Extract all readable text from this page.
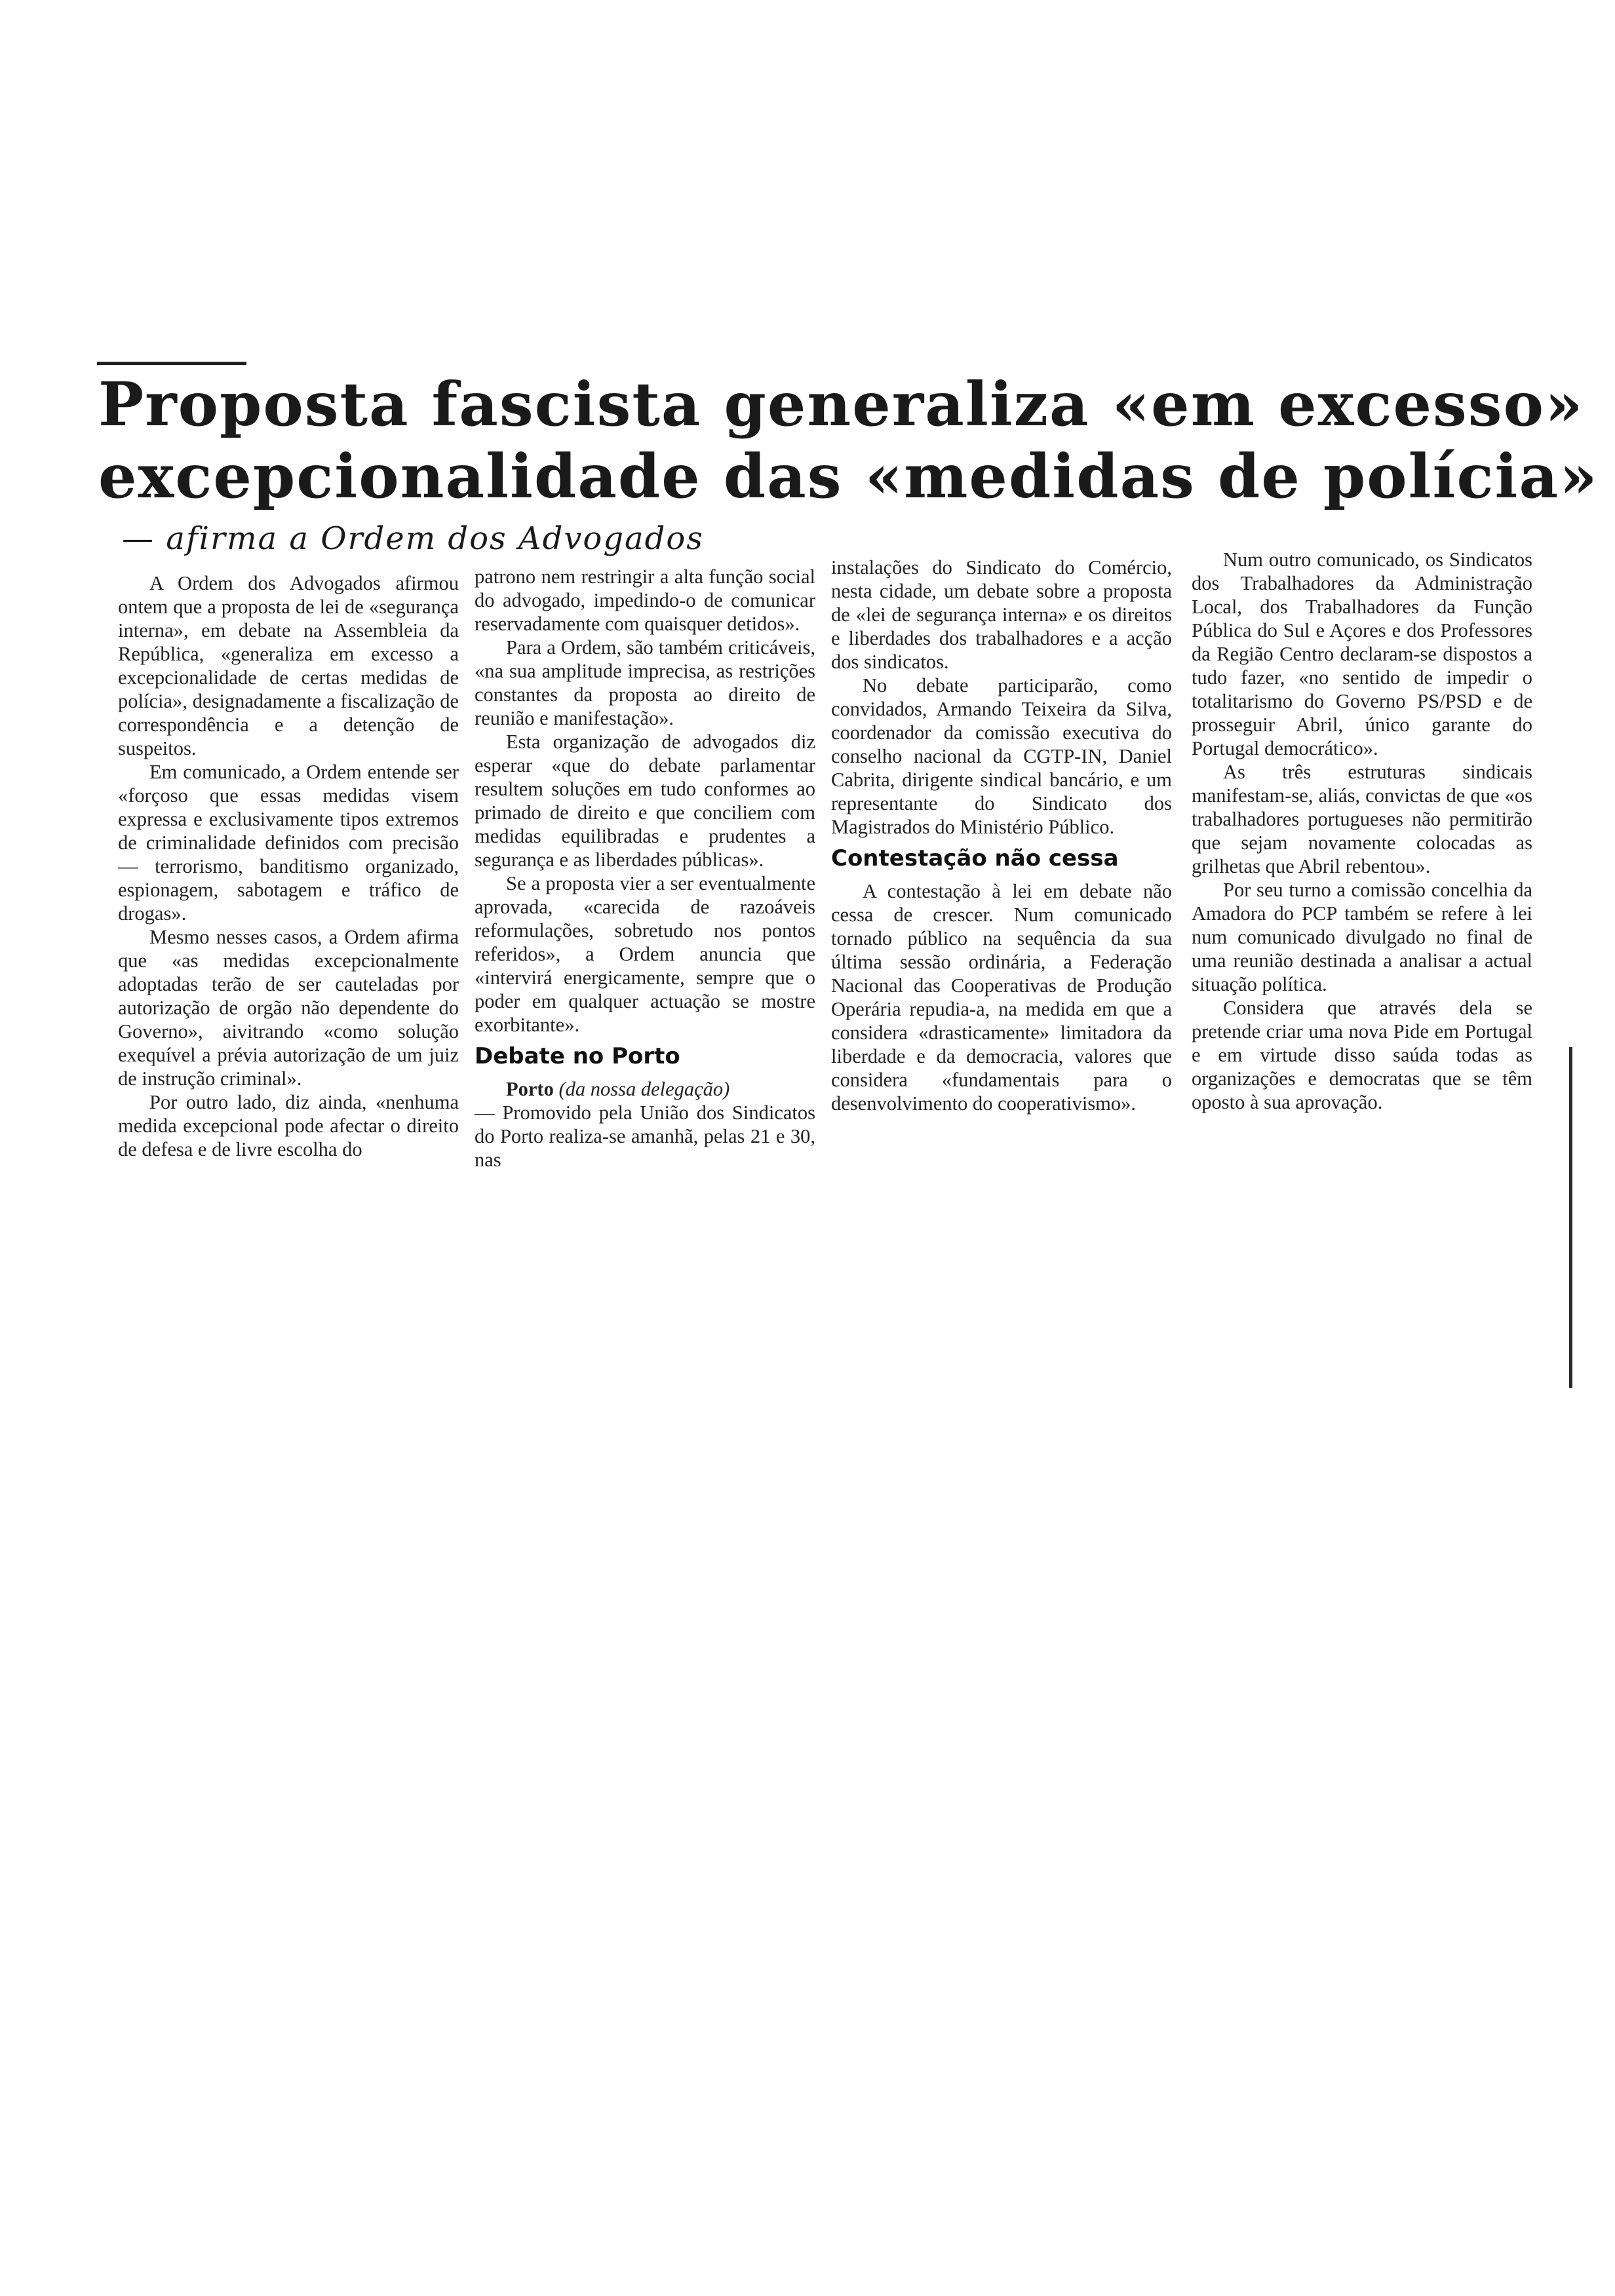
Proposta fascista generaliza «em excesso»
excepcionalidade das «medidas de polícia»

— afirma a Ordem dos Advogados

A Ordem dos Advogados afirmou ontem que a proposta de lei de «segurança interna», em debate na Assembleia da República, «generaliza em excesso a excepcionalidade de certas medidas de polícia», designadamente a fiscalização de correspondência e a detenção de suspeitos.

Em comunicado, a Ordem entende ser «forçoso que essas medidas visem expressa e exclusivamente tipos extremos de criminalidade definidos com precisão — terrorismo, banditismo organizado, espionagem, sabotagem e tráfico de drogas».

Mesmo nesses casos, a Ordem afirma que «as medidas excepcionalmente adoptadas terão de ser cauteladas por autorização de orgão não dependente do Governo», aivitrando «como solução exequível a prévia autorização de um juiz de instrução criminal».

Por outro lado, diz ainda, «nenhuma medida excepcional pode afectar o direito de defesa e de livre escolha do

patrono nem restringir a alta função social do advogado, impedindo-o de comunicar reservadamente com quaisquer detidos».

Para a Ordem, são também criticáveis, «na sua amplitude imprecisa, as restrições constantes da proposta ao direito de reunião e manifestação».

Esta organização de advogados diz esperar «que do debate parlamentar resultem soluções em tudo conformes ao primado de direito e que conciliem com medidas equilibradas e prudentes a segurança e as liberdades públicas».

Se a proposta vier a ser eventualmente aprovada, «carecida de razoáveis reformulações, sobretudo nos pontos referidos», a Ordem anuncia que «intervirá energicamente, sempre que o poder em qualquer actuação se mostre exorbitante».

Debate no Porto

Porto (da nossa delegação)

— Promovido pela União dos Sindicatos do Porto realiza-se amanhã, pelas 21 e 30, nas

instalações do Sindicato do Comércio, nesta cidade, um debate sobre a proposta de «lei de segurança interna» e os direitos e liberdades dos trabalhadores e a acção dos sindicatos.

No debate participarão, como convidados, Armando Teixeira da Silva, coordenador da comissão executiva do conselho nacional da CGTP-IN, Daniel Cabrita, dirigente sindical bancário, e um representante do Sindicato dos Magistrados do Ministério Público.

Contestação não cessa

A contestação à lei em debate não cessa de crescer. Num comunicado tornado público na sequência da sua última sessão ordinária, a Federação Nacional das Cooperativas de Produção Operária repudia-a, na medida em que a considera «drasticamente» limitadora da liberdade e da democracia, valores que considera «fundamentais para o desenvolvimento do cooperativismo».

Num outro comunicado, os Sindicatos dos Trabalhadores da Administração Local, dos Trabalhadores da Função Pública do Sul e Açores e dos Professores da Região Centro declaram-se dispostos a tudo fazer, «no sentido de impedir o totalitarismo do Governo PS/PSD e de prosseguir Abril, único garante do Portugal democrático».

As três estruturas sindicais manifestam-se, aliás, convictas de que «os trabalhadores portugueses não permitirão que sejam novamente colocadas as grilhetas que Abril rebentou».

Por seu turno a comissão concelhia da Amadora do PCP também se refere à lei num comunicado divulgado no final de uma reunião destinada a analisar a actual situação política.

Considera que através dela se pretende criar uma nova Pide em Portugal e em virtude disso saúda todas as organizações e democratas que se têm oposto à sua aprovação.
